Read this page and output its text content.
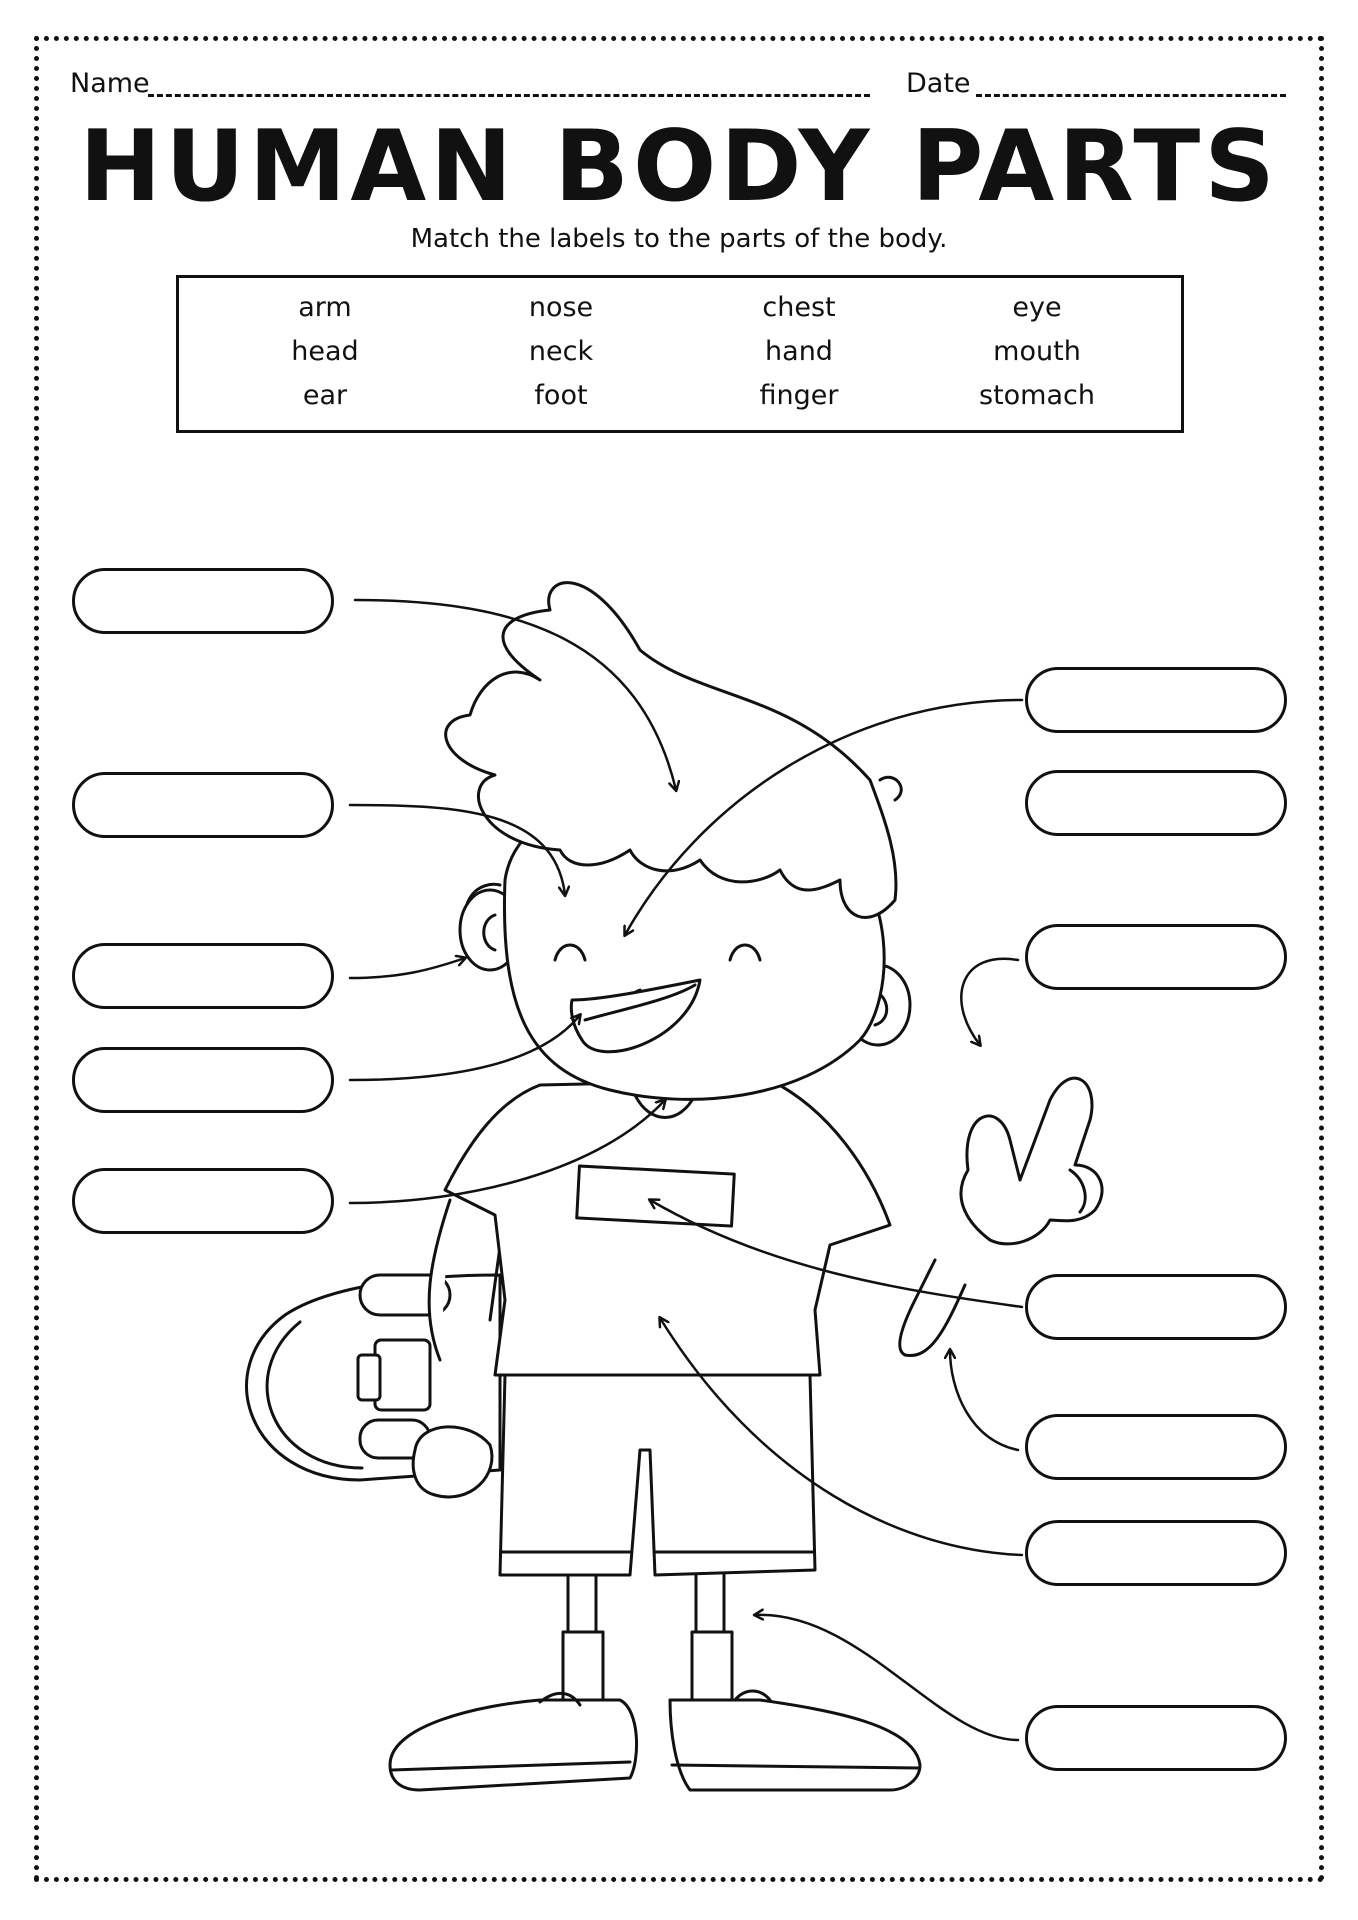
Name	Date
HUMAN BODY PARTS
Match the labels to the parts of the body.
arm	nose	chest	eye
head	neck	hand	mouth
ear	foot	finger	stomach
